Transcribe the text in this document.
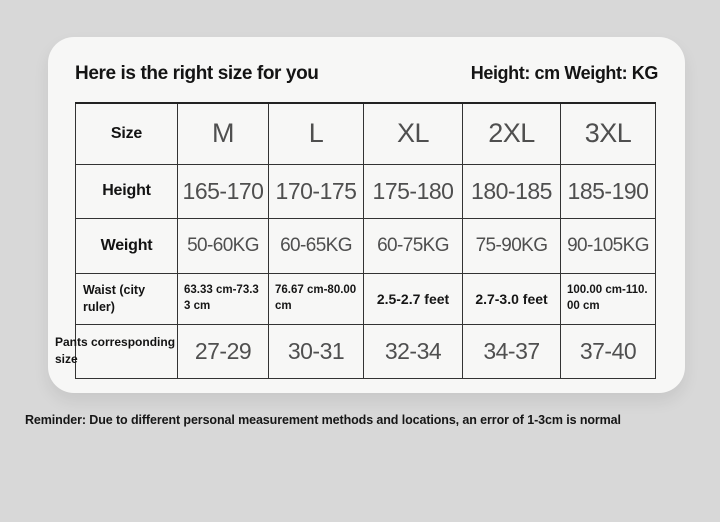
Here is the right size for you	Height: cm Weight: KG
Size	M	L	XL	2XL	3XL
Height	165-170	170-175	175-180	180-185	185-190
Weight	50-60KG	60-65KG	60-75KG	75-90KG	90-105KG
Waist (city ruler)	63.33 cm-73.33 cm	76.67 cm-80.00 cm	2.5-2.7 feet	2.7-3.0 feet	100.00 cm-110.00 cm

Pants corresponding size	27-29	30-31	32-34	34-37	37-40
Reminder: Due to different personal measurement methods and locations, an error of 1-3cm is normal
